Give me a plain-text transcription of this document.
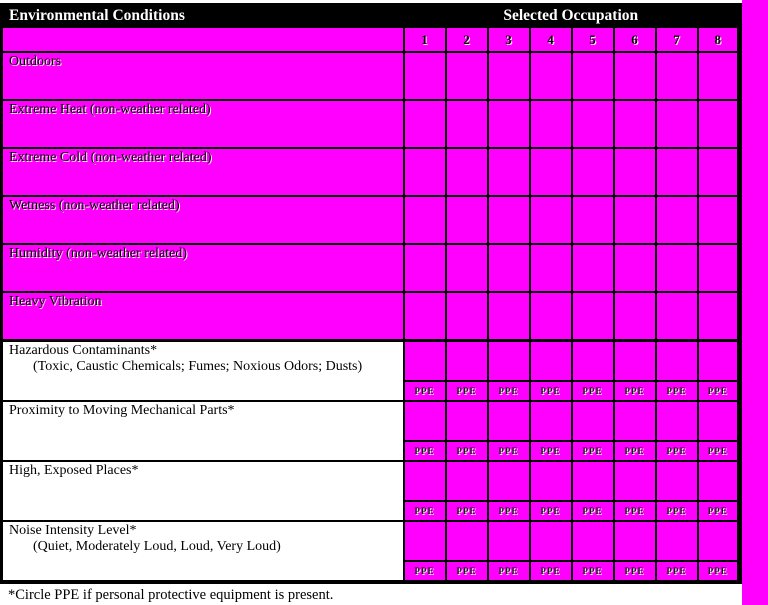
Environmental Conditions	Selected Occupation							
	1	2	3	4	5	6	7	8
Outdoors								
Extreme Heat (non-weather related)								
Extreme Cold (non-weather related)								
Wetness (non-weather related)								
Humidity (non-weather related)								
Heavy Vibration								

Hazardous Contaminants*
(Toxic, Caustic Chemicals; Fumes; Noxious Odors; Dusts)								

	PPE	PPE	PPE	PPE	PPE	PPE	PPE	PPE

Proximity to Moving Mechanical Parts*								

	PPE	PPE	PPE	PPE	PPE	PPE	PPE	PPE

High, Exposed Places*								

	PPE	PPE	PPE	PPE	PPE	PPE	PPE	PPE

Noise Intensity Level*
(Quiet, Moderately Loud, Loud, Very Loud)								

	PPE	PPE	PPE	PPE	PPE	PPE	PPE	PPE
*Circle PPE if personal protective equipment is present.
